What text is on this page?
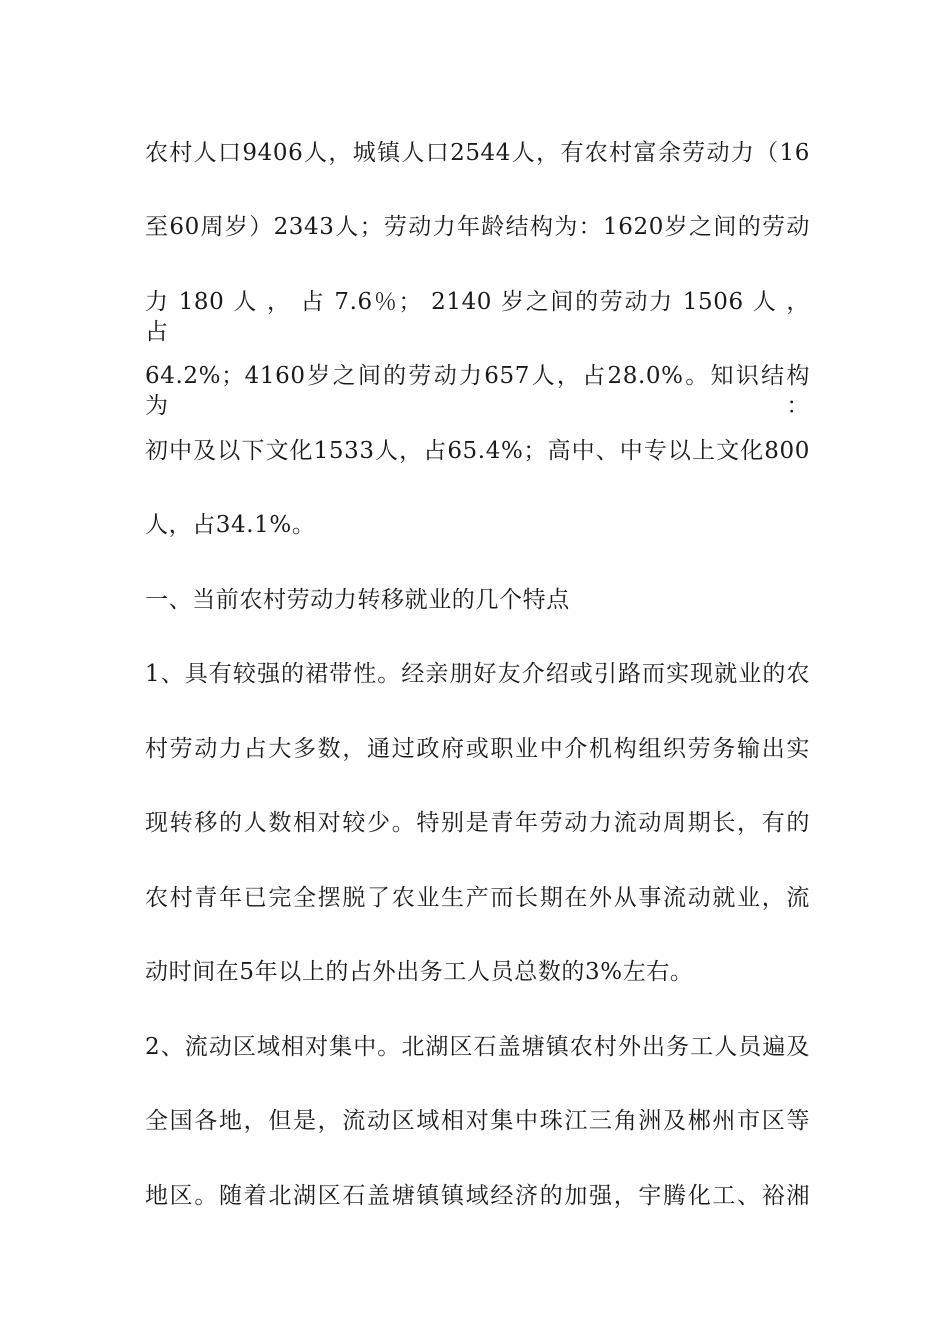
农村人口9406人，城镇人口2544人，有农村富余劳动力（16
至60周岁）2343人；劳动力年龄结构为：1620岁之间的劳动
力 180 人 ， 占 7.6％； 2140 岁之间的劳动力 1506 人 ， 占
64.2%；4160岁之间的劳动力657人，占28.0%。知识结构为：
初中及以下文化1533人，占65.4%；高中、中专以上文化800
人，占34.1%。
一、当前农村劳动力转移就业的几个特点
1、具有较强的裙带性。经亲朋好友介绍或引路而实现就业的农
村劳动力占大多数，通过政府或职业中介机构组织劳务输出实
现转移的人数相对较少。特别是青年劳动力流动周期长，有的
农村青年已完全摆脱了农业生产而长期在外从事流动就业，流
动时间在5年以上的占外出务工人员总数的3%左右。
2、流动区域相对集中。北湖区石盖塘镇农村外出务工人员遍及
全国各地，但是，流动区域相对集中珠江三角洲及郴州市区等
地区。随着北湖区石盖塘镇镇域经济的加强，宇腾化工、裕湘
